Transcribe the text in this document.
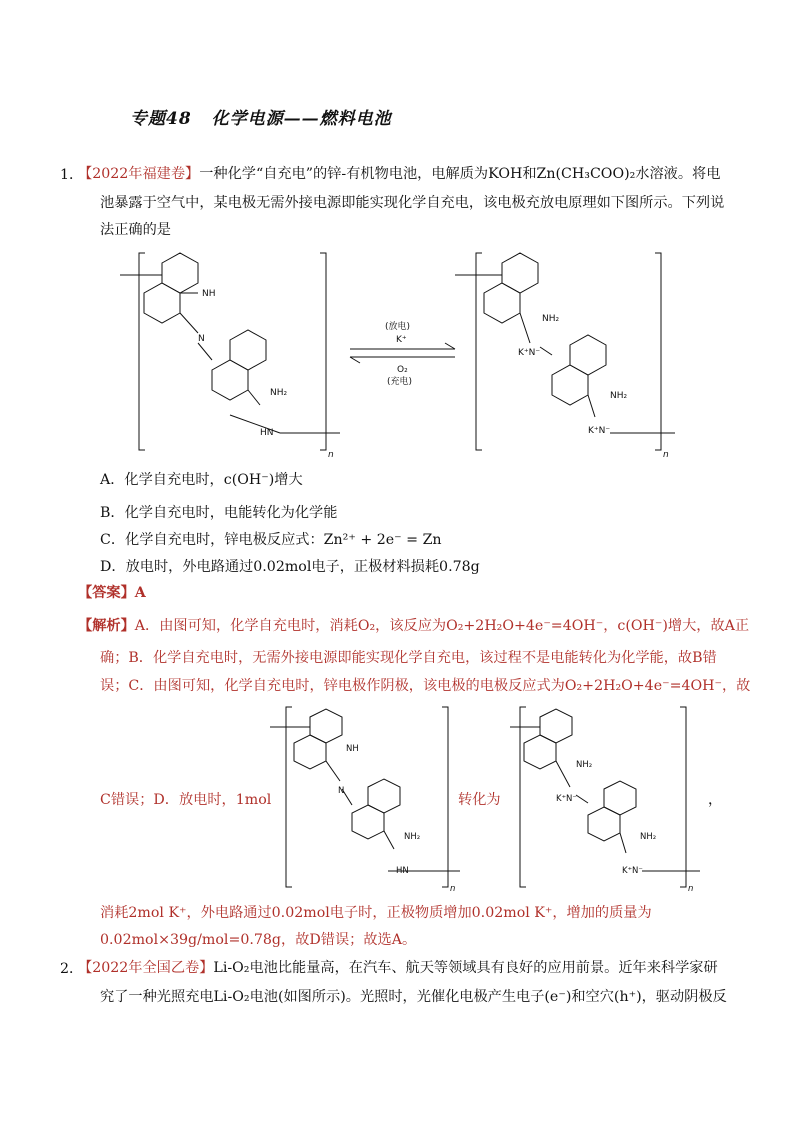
专题48 化学电源——燃料电池
1．
【2022年福建卷】一种化学“自充电”的锌-有机物电池，电解质为KOH和Zn(CH₃COO)₂水溶液。将电
池暴露于空气中，某电极无需外接电源即能实现化学自充电，该电极充放电原理如下图所示。下列说
法正确的是
NH
N
NH₂
HN
n
(放电)
K⁺
O₂
(充电)
NH₂
K⁺N⁻
NH₂
K⁺N⁻
n
A．化学自充电时，c(OH⁻)增大
B．化学自充电时，电能转化为化学能
C．化学自充电时，锌电极反应式：Zn²⁺ + 2e⁻ = Zn
D．放电时，外电路通过0.02mol电子，正极材料损耗0.78g
【答案】A
【解析】A．由图可知，化学自充电时，消耗O₂，该反应为O₂+2H₂O+4e⁻=4OH⁻，c(OH⁻)增大，故A正
确；B．化学自充电时，无需外接电源即能实现化学自充电，该过程不是电能转化为化学能，故B错
误；C．由图可知，化学自充电时，锌电极作阴极，该电极的电极反应式为O₂+2H₂O+4e⁻=4OH⁻，故
C错误；D．放电时，1mol	转化为	，
NH
N
NH₂
HN
n
NH₂
K⁺N⁻
NH₂
K⁺N⁻
n
消耗2mol K⁺，外电路通过0.02mol电子时，正极物质增加0.02mol K⁺，增加的质量为
0.02mol×39g/mol=0.78g，故D错误；故选A。
2．
【2022年全国乙卷】Li-O₂电池比能量高，在汽车、航天等领域具有良好的应用前景。近年来科学家研
究了一种光照充电Li-O₂电池(如图所示)。光照时，光催化电极产生电子(e⁻)和空穴(h⁺)，驱动阴极反
